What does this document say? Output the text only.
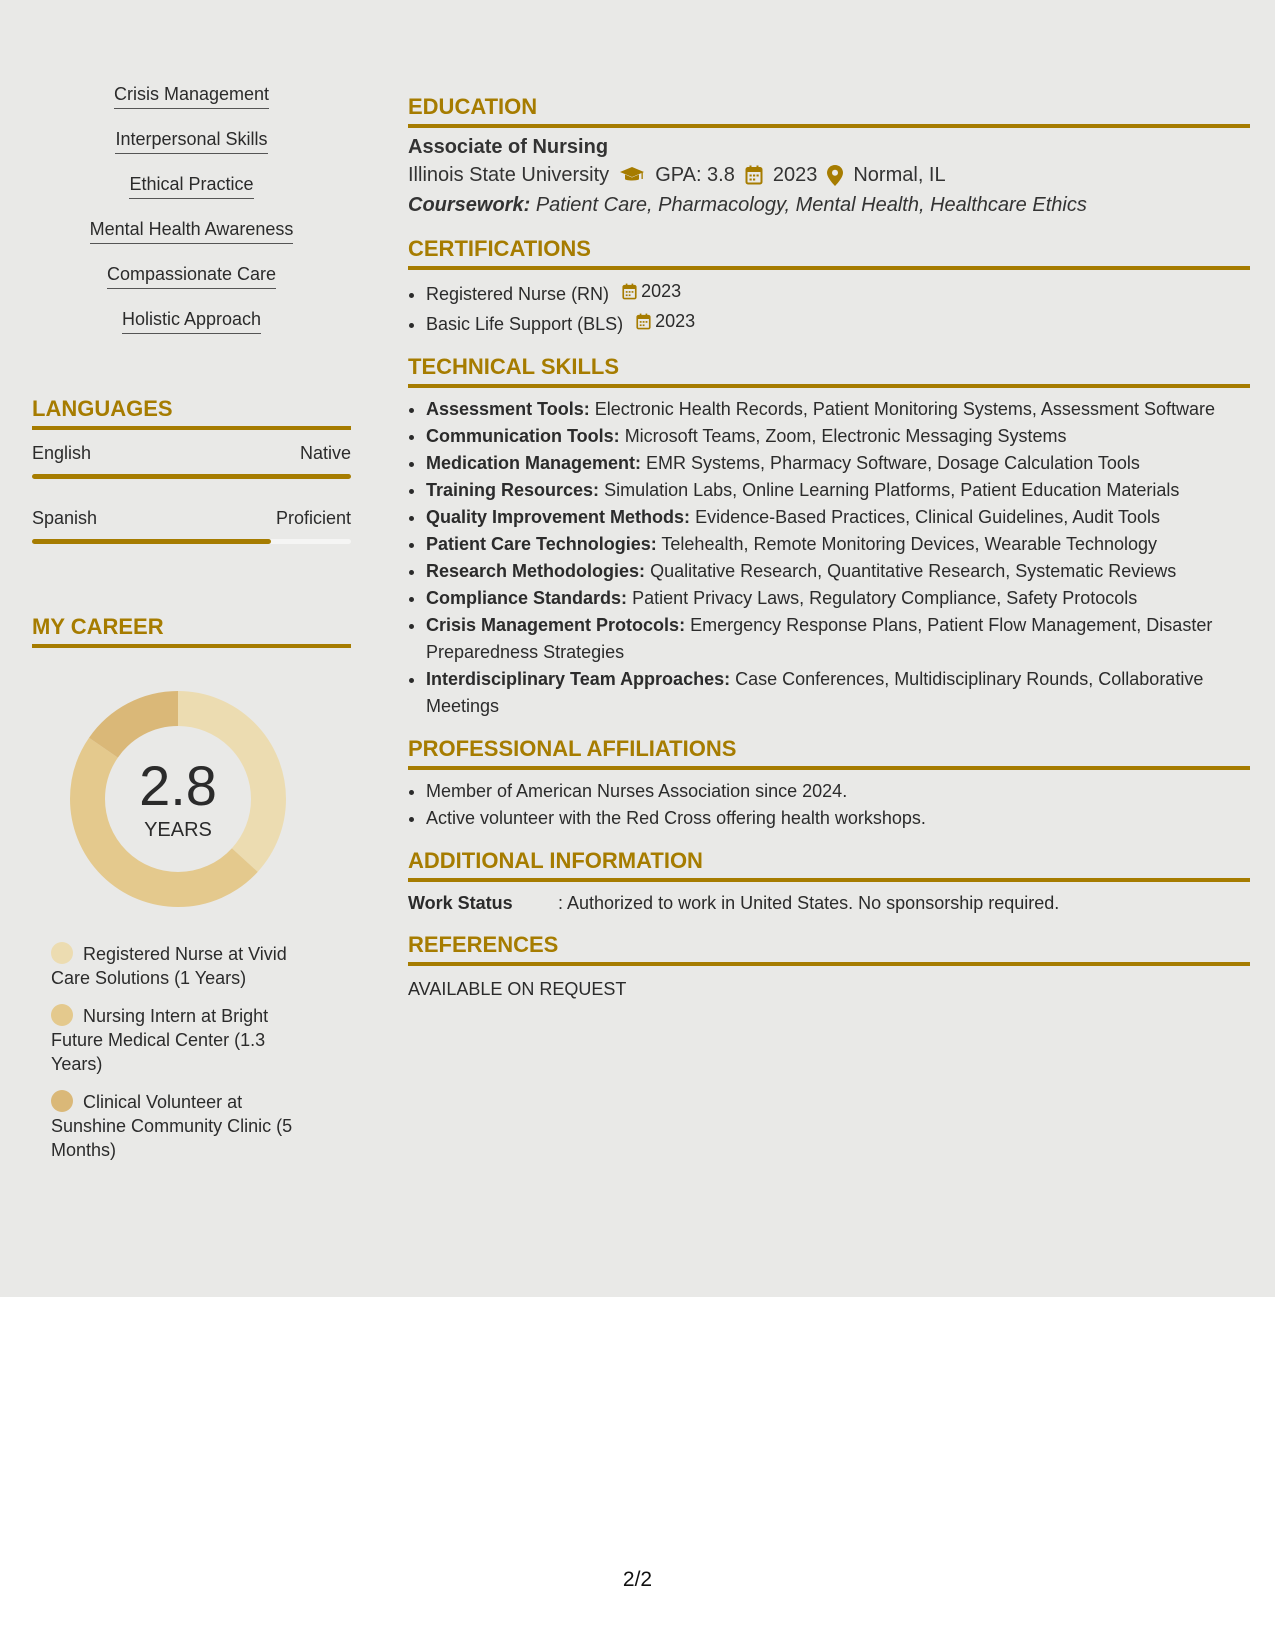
Crisis Management
Interpersonal Skills
Ethical Practice
Mental Health Awareness
Compassionate Care
Holistic Approach
LANGUAGES
English	Native
Spanish	Proficient
MY CAREER
2.8
YEARS
Registered Nurse at Vivid Care Solutions (1 Years)
Nursing Intern at Bright Future Medical Center (1.3 Years)
Clinical Volunteer at Sunshine Community Clinic (5 Months)
EDUCATION
Associate of Nursing
Illinois State University GPA: 3.8 2023 Normal, IL
Coursework: Patient Care, Pharmacology, Mental Health, Healthcare Ethics
CERTIFICATIONS
• Registered Nurse (RN) 2023
• Basic Life Support (BLS) 2023
TECHNICAL SKILLS
• Assessment Tools: Electronic Health Records, Patient Monitoring Systems, Assessment Software
• Communication Tools: Microsoft Teams, Zoom, Electronic Messaging Systems
• Medication Management: EMR Systems, Pharmacy Software, Dosage Calculation Tools
• Training Resources: Simulation Labs, Online Learning Platforms, Patient Education Materials
• Quality Improvement Methods: Evidence-Based Practices, Clinical Guidelines, Audit Tools
• Patient Care Technologies: Telehealth, Remote Monitoring Devices, Wearable Technology
• Research Methodologies: Qualitative Research, Quantitative Research, Systematic Reviews
• Compliance Standards: Patient Privacy Laws, Regulatory Compliance, Safety Protocols
• Crisis Management Protocols: Emergency Response Plans, Patient Flow Management, Disaster Preparedness Strategies
• Interdisciplinary Team Approaches: Case Conferences, Multidisciplinary Rounds, Collaborative Meetings
PROFESSIONAL AFFILIATIONS
• Member of American Nurses Association since 2024.
• Active volunteer with the Red Cross offering health workshops.
ADDITIONAL INFORMATION
Work Status	: Authorized to work in United States. No sponsorship required.
REFERENCES
AVAILABLE ON REQUEST
2/2
